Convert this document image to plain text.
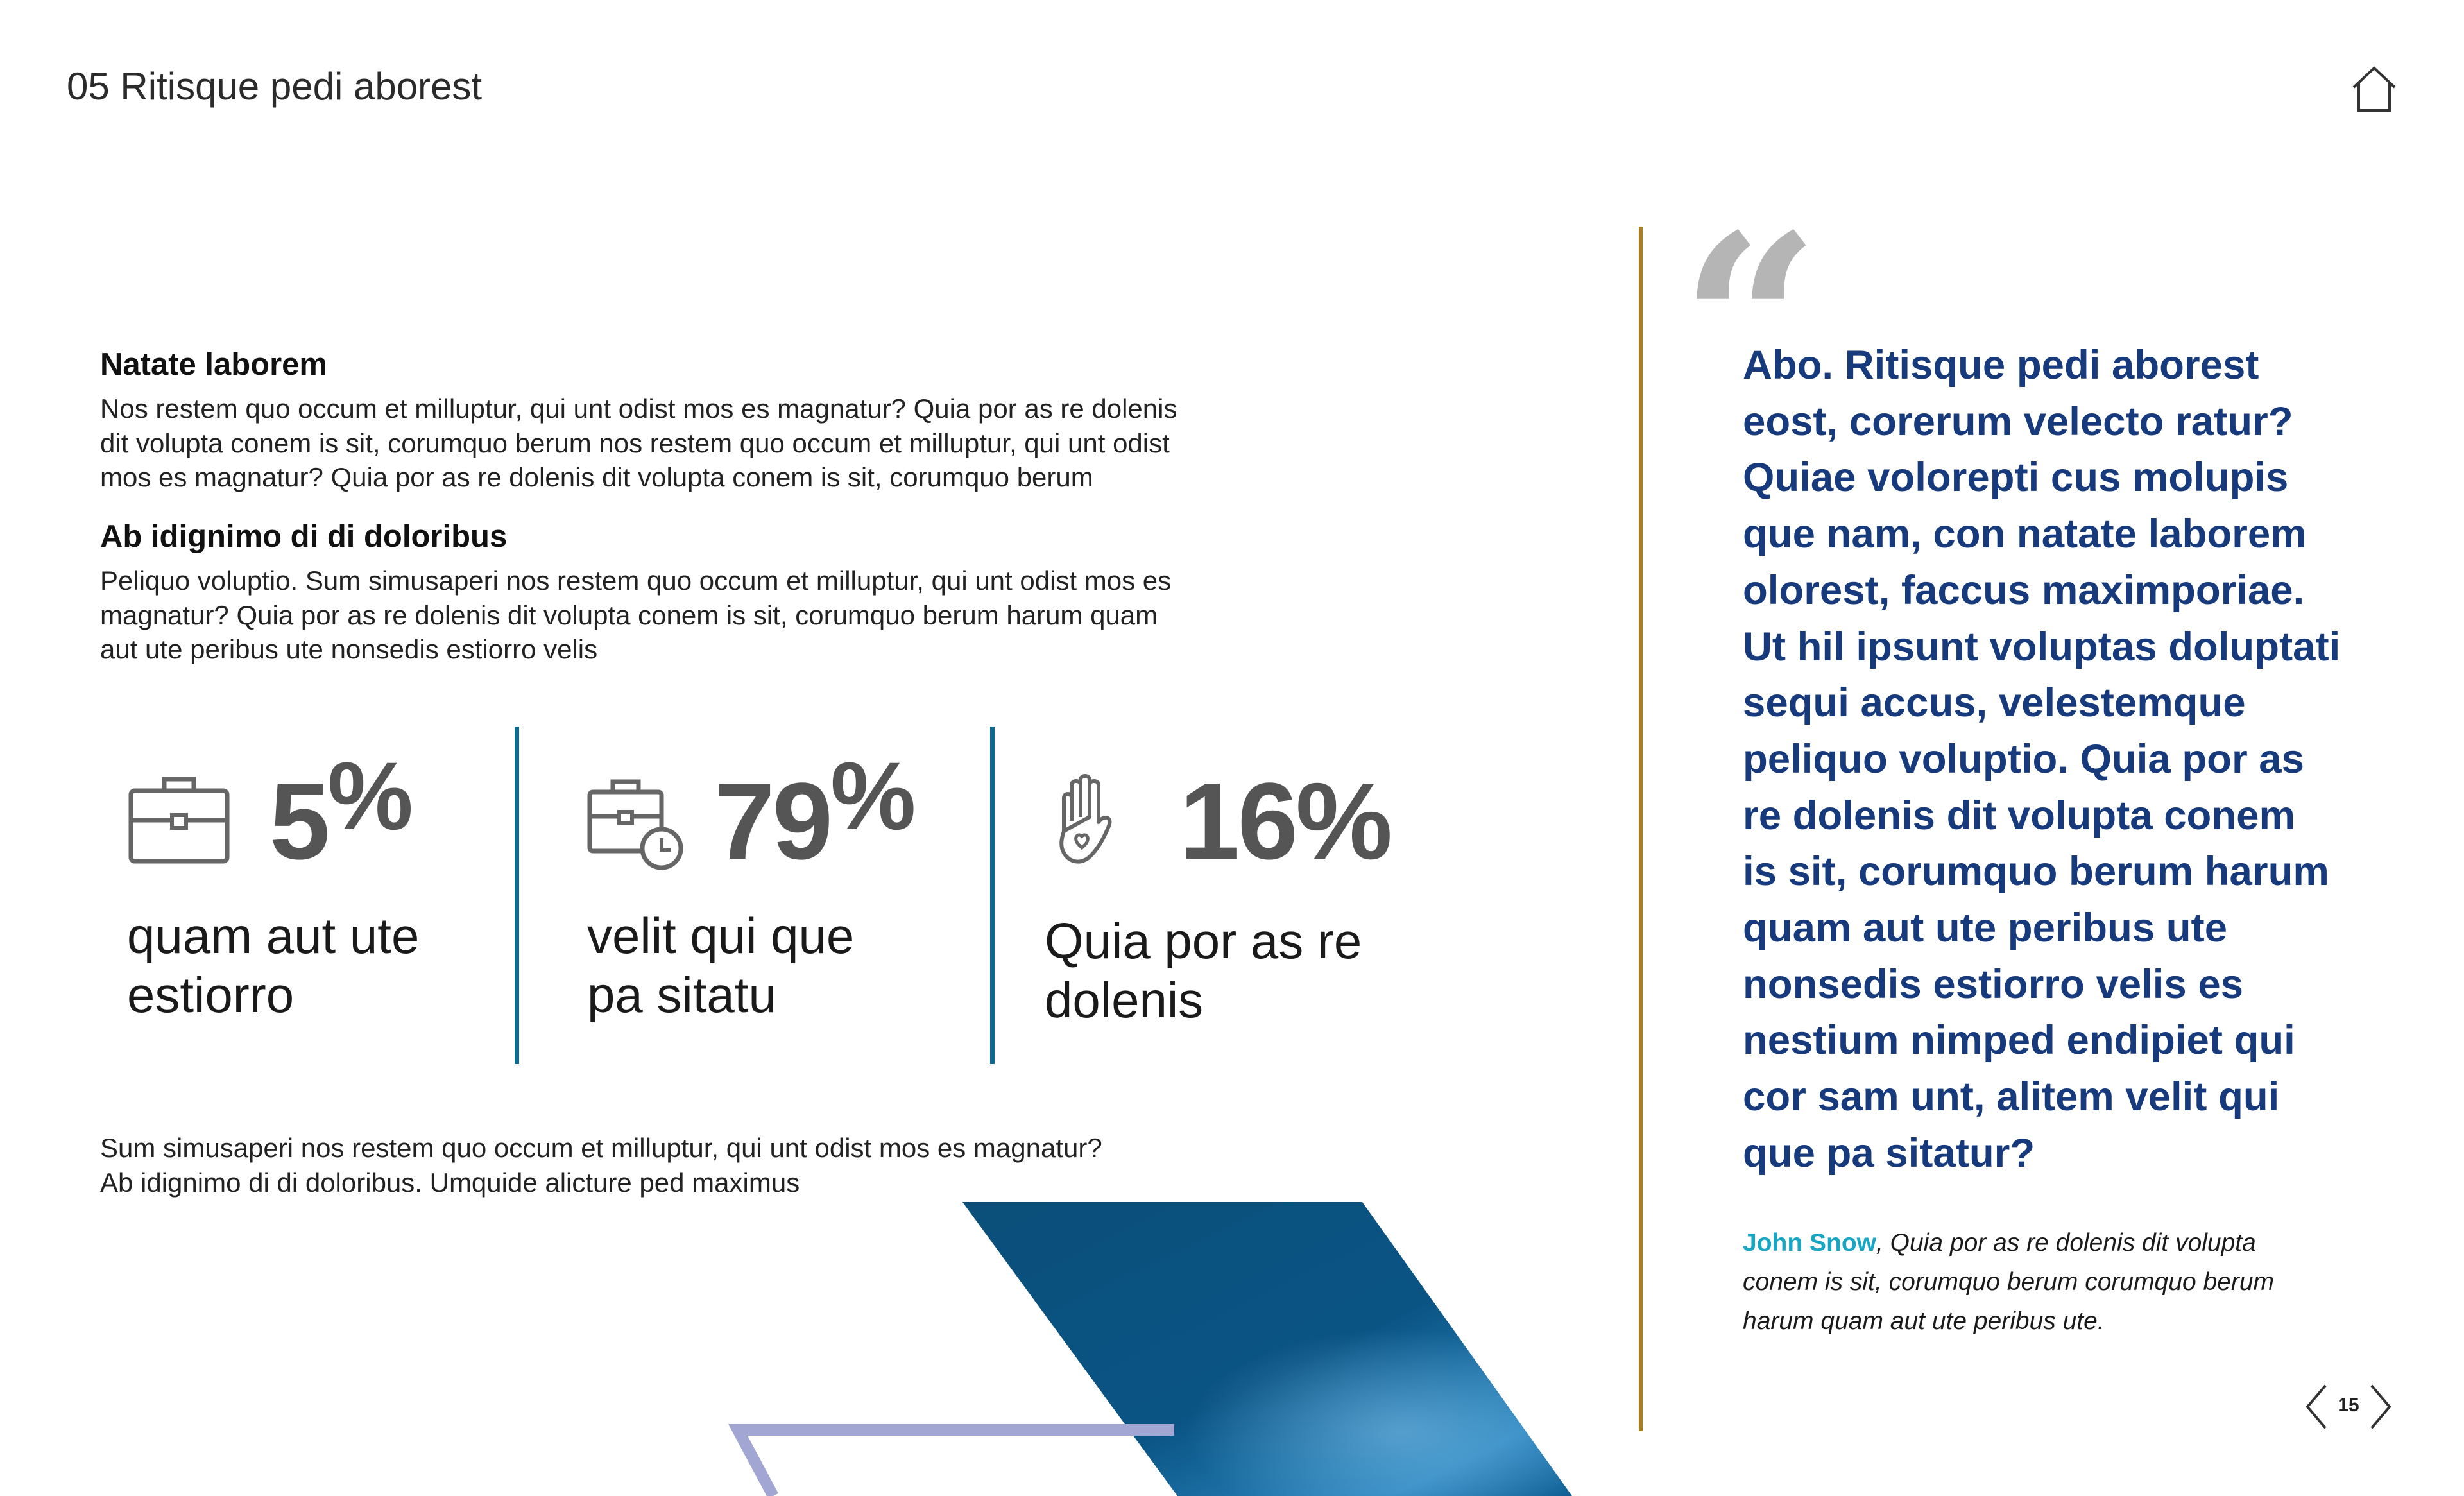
05 Ritisque pedi aborest

Natate laborem

Nos restem quo occum et milluptur, qui unt odist mos es magnatur? Quia por as re dolenis
dit volupta conem is sit, corumquo berum nos restem quo occum et milluptur, qui unt odist
mos es magnatur? Quia por as re dolenis dit volupta conem is sit, corumquo berum

Ab idignimo di di doloribus

Peliquo voluptio. Sum simusaperi nos restem quo occum et milluptur, qui unt odist mos es
magnatur? Quia por as re dolenis dit volupta conem is sit, corumquo berum harum quam
aut ute peribus ute nonsedis estiorro velis

5%

quam aut ute
estiorro

79%

velit qui que
pa sitatu

16%

Quia por as re
dolenis

Sum simusaperi nos restem quo occum et milluptur, qui unt odist mos es magnatur?
Ab idignimo di di doloribus. Umquide alicture ped maximus

“

Abo. Ritisque pedi aborest
eost, corerum velecto ratur?
Quiae volorepti cus molupis
que nam, con natate laborem
olorest, faccus maximporiae.
Ut hil ipsunt voluptas doluptati
sequi accus, velestemque
peliquo voluptio. Quia por as
re dolenis dit volupta conem
is sit, corumquo berum harum
quam aut ute peribus ute
nonsedis estiorro velis es
nestium nimped endipiet qui
cor sam unt, alitem velit qui
que pa sitatur?

John Snow, Quia por as re dolenis dit volupta
conem is sit, corumquo berum corumquo berum
harum quam aut ute peribus ute.

15
